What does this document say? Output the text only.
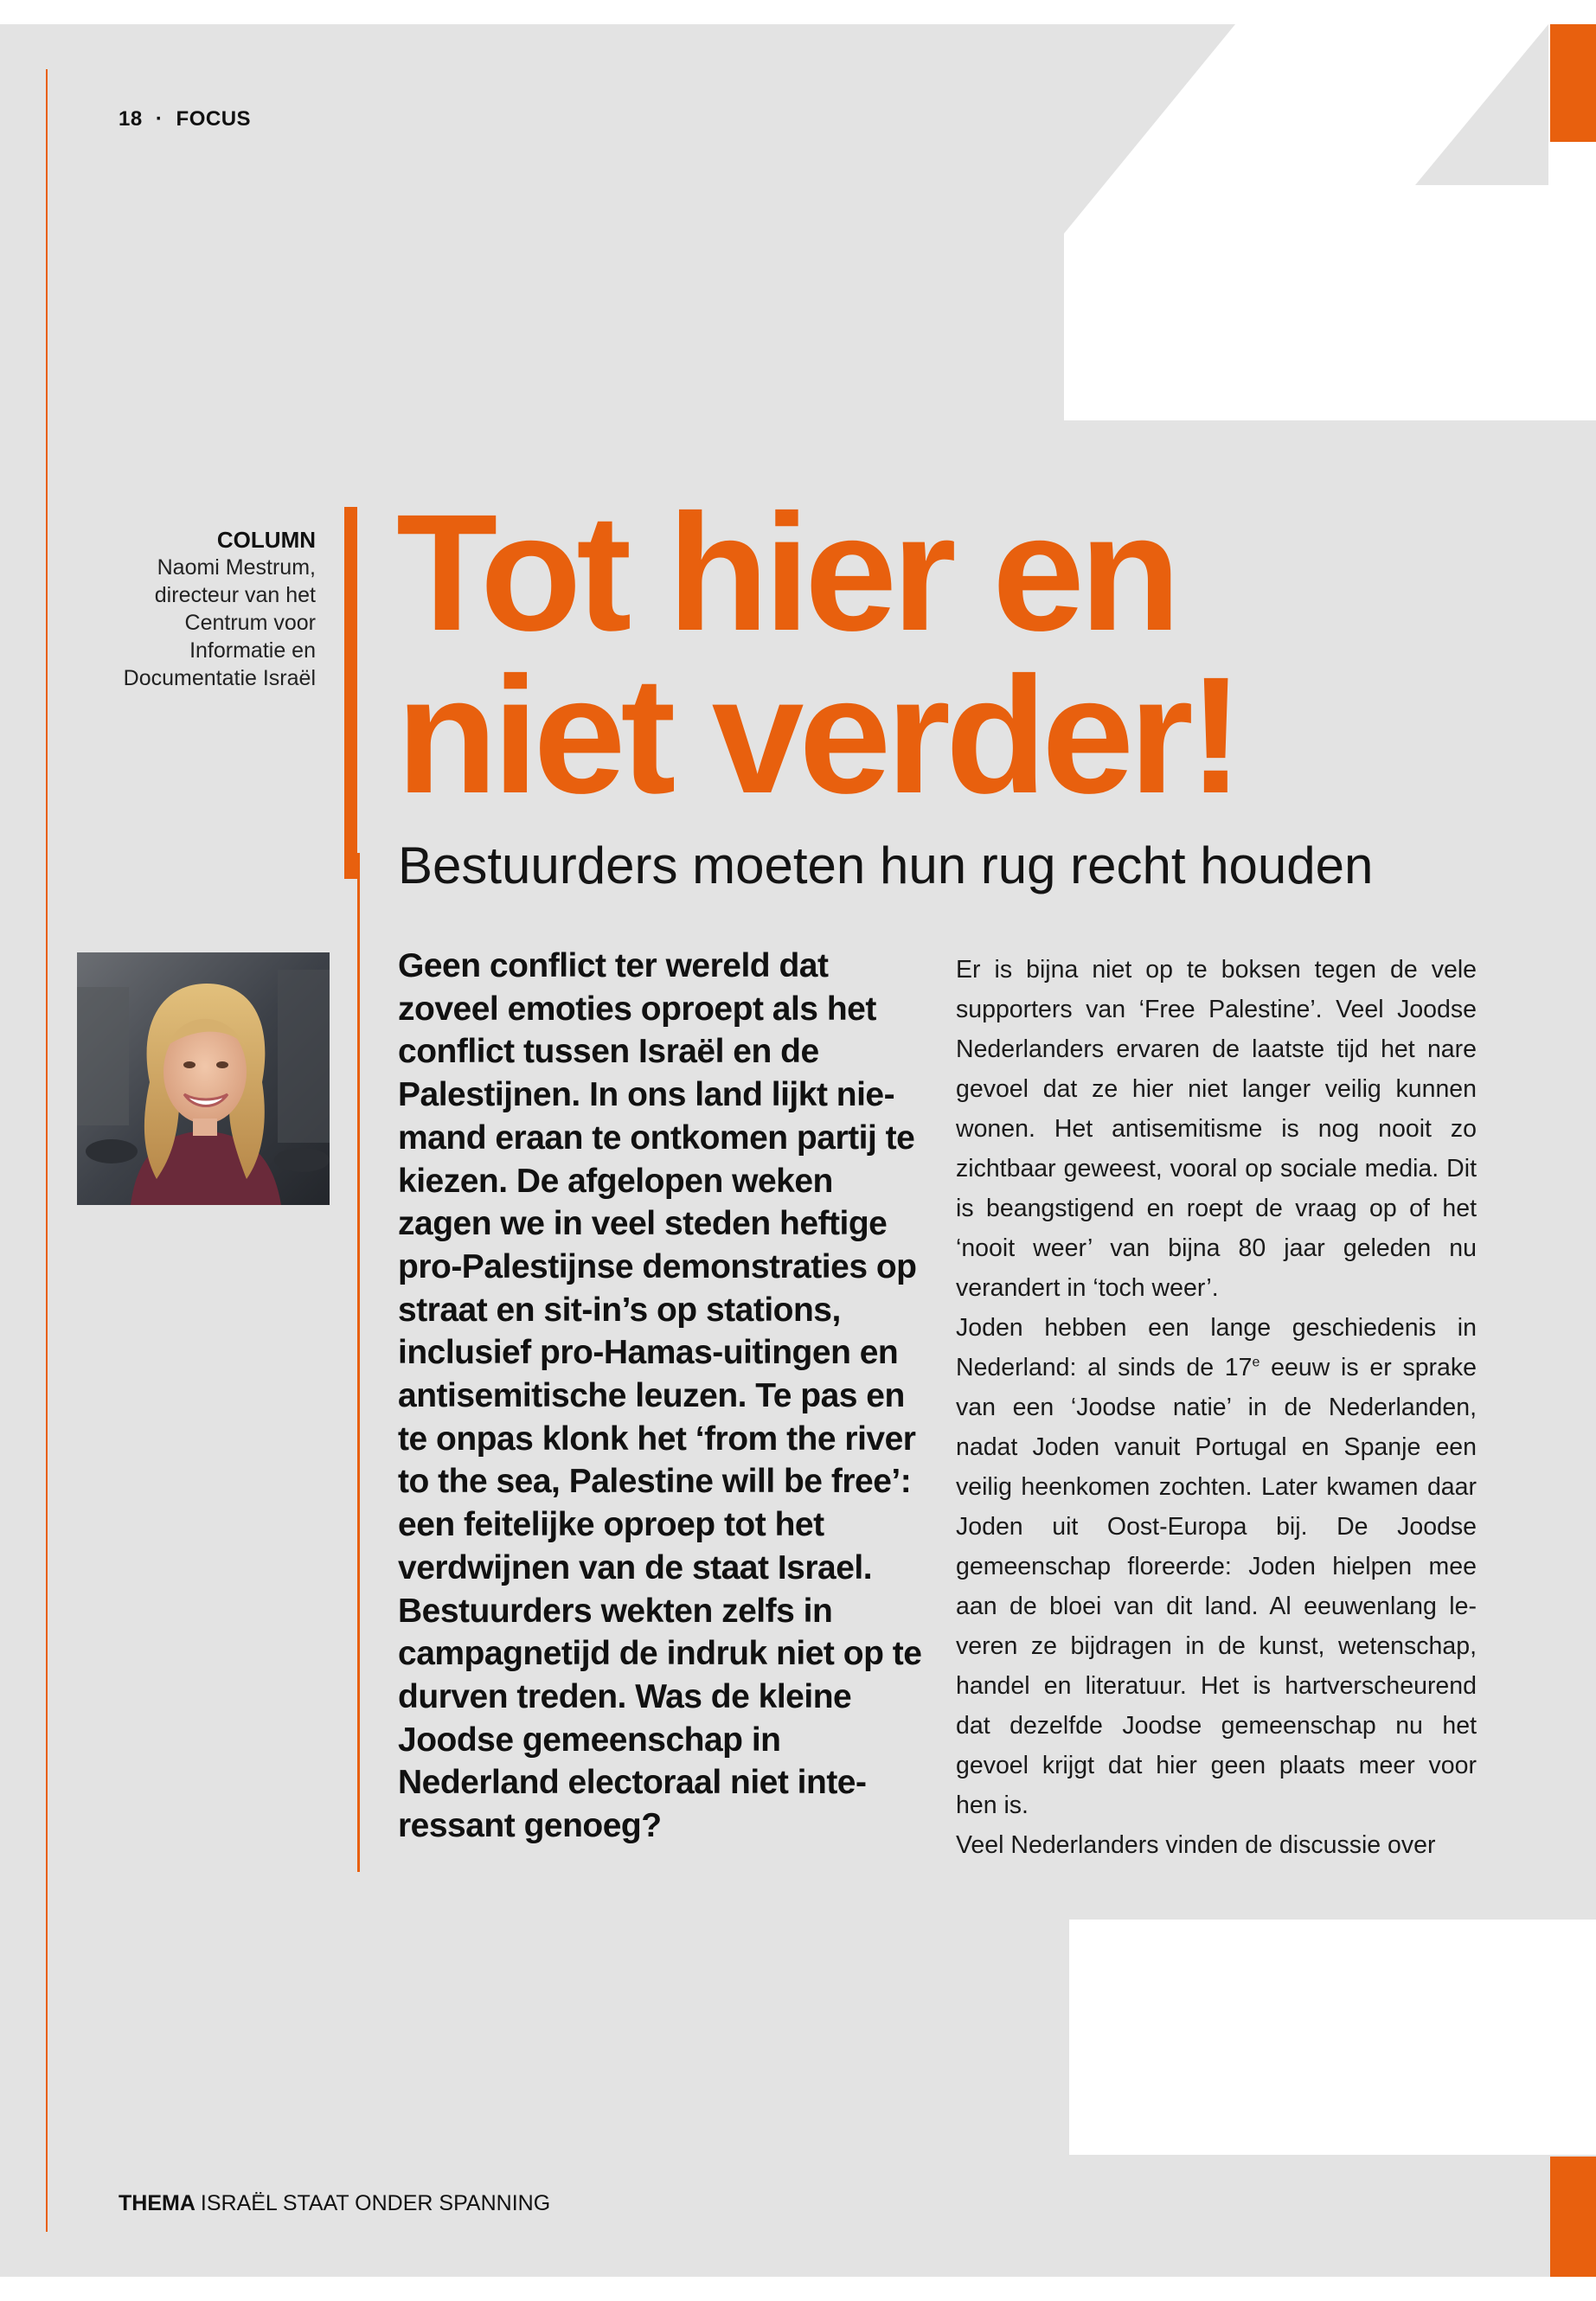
18 · FOCUS
COLUMN
Naomi Mestrum,
directeur van het
Centrum voor
Informatie en
Documentatie Israël
Tot hier en
niet verder!
Bestuurders moeten hun rug recht houden

Geen conflict ter wereld dat zoveel emoties oproept als het conflict tussen Israël en de Palestijnen. In ons land lijkt niemand eraan te ontkomen partij te kiezen. De afgelopen weken zagen we in veel steden heftige pro-Palestijnse demonstraties op straat en sit-in’s op stations, inclusief pro-Hamas-uitingen en antisemitische leuzen. Te pas en te onpas klonk het ‘from the river to the sea, Palestine will be free’: een feitelijke oproep tot het verdwijnen van de staat Israel. Bestuurders wekten zelfs in campagnetijd de indruk niet op te durven treden. Was de kleine Joodse gemeenschap in Nederland electoraal niet interessant genoeg?

Er is bijna niet op te boksen tegen de vele supporters van ‘Free Palestine’. Veel Joodse Nederlanders ervaren de laatste tijd het nare gevoel dat ze hier niet langer veilig kunnen wonen. Het antisemitisme is nog nooit zo zichtbaar geweest, vooral op sociale media. Dit is beangstigend en roept de vraag op of het ‘nooit weer’ van bijna 80 jaar geleden nu verandert in ‘toch weer’.

Joden hebben een lange geschiedenis in Nederland: al sinds de 17e eeuw is er sprake van een ‘Joodse natie’ in de Nederlanden, nadat Joden vanuit Portugal en Spanje een veilig heenkomen zochten. Later kwamen daar Joden uit Oost-Europa bij. De Joodse gemeenschap floreerde: Joden hielpen mee aan de bloei van dit land. Al eeuwenlang leveren ze bijdragen in de kunst, wetenschap, handel en literatuur. Het is hartverscheurend dat dezelfde Joodse gemeenschap nu het gevoel krijgt dat hier geen plaats meer voor hen is.

Veel Nederlanders vinden de discussie over

THEMA ISRAËL STAAT ONDER SPANNING
